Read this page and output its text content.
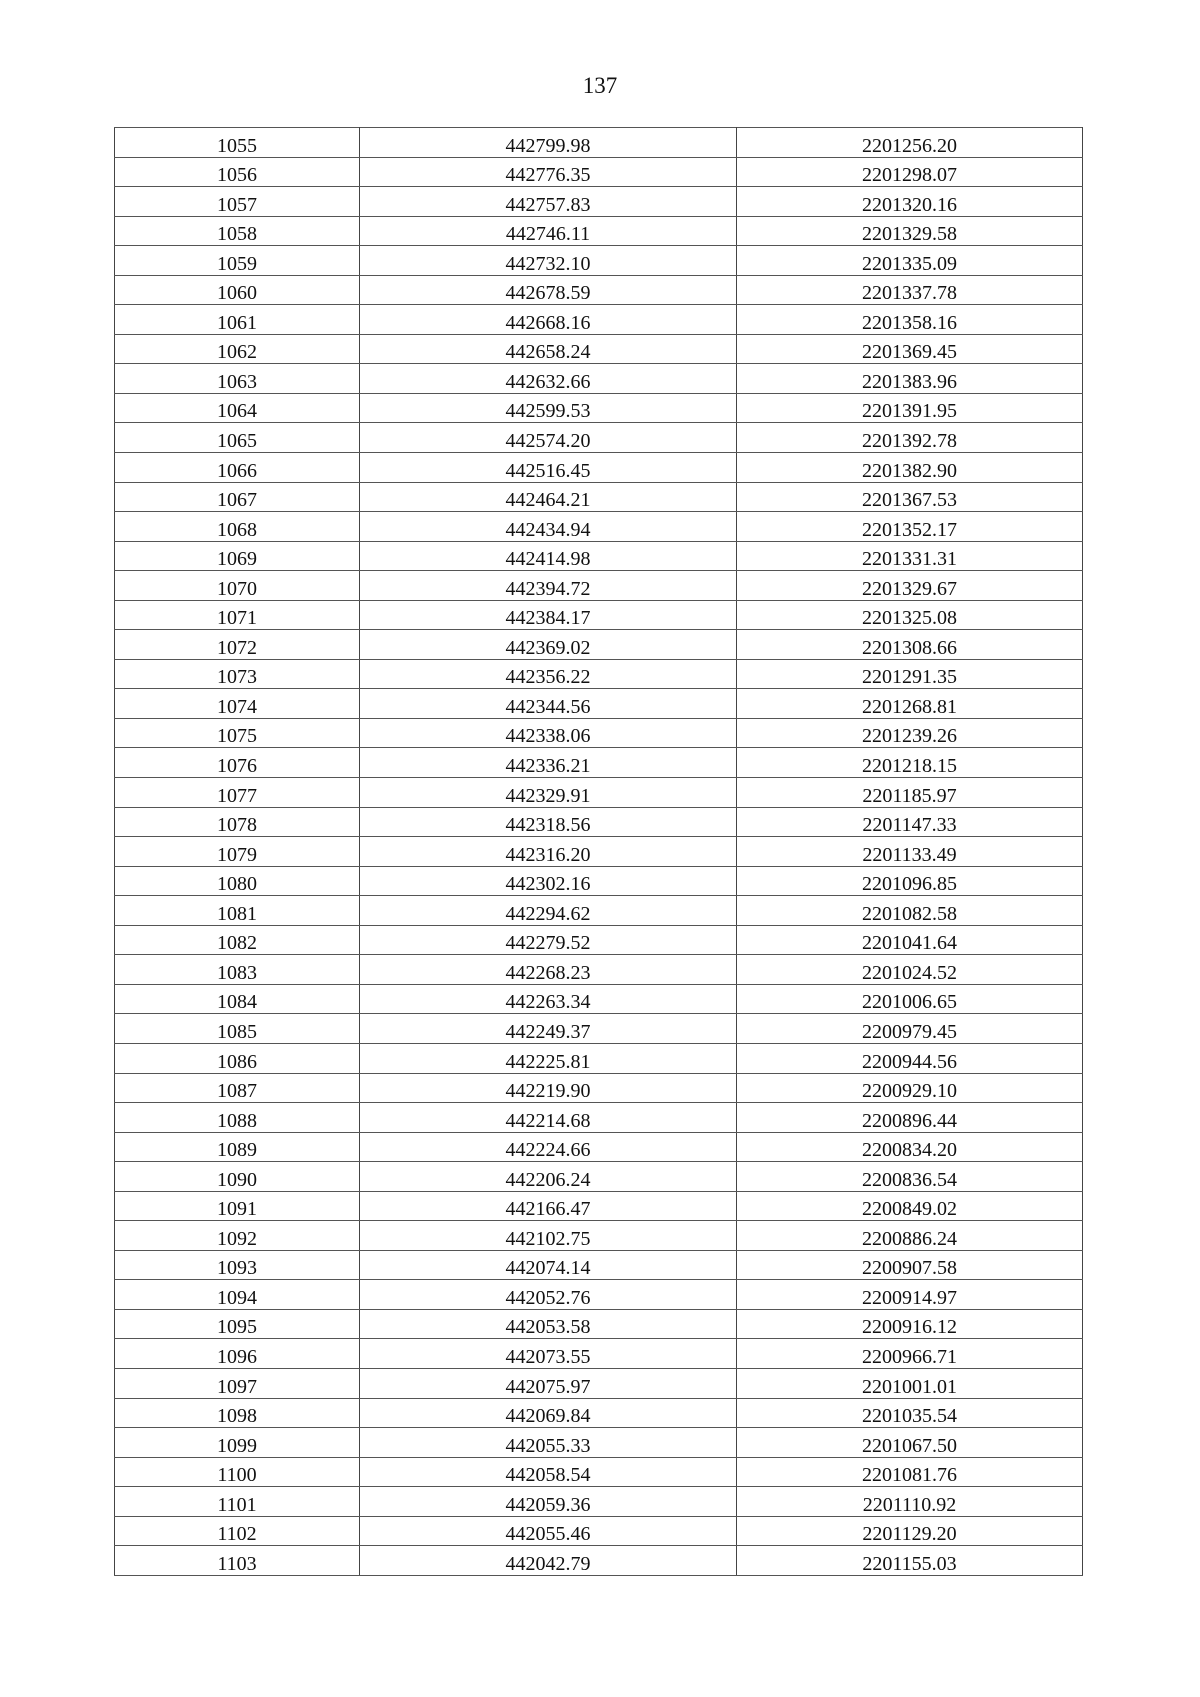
137
1055	442799.98	2201256.20
1056	442776.35	2201298.07
1057	442757.83	2201320.16
1058	442746.11	2201329.58
1059	442732.10	2201335.09
1060	442678.59	2201337.78
1061	442668.16	2201358.16
1062	442658.24	2201369.45
1063	442632.66	2201383.96
1064	442599.53	2201391.95
1065	442574.20	2201392.78
1066	442516.45	2201382.90
1067	442464.21	2201367.53
1068	442434.94	2201352.17
1069	442414.98	2201331.31
1070	442394.72	2201329.67
1071	442384.17	2201325.08
1072	442369.02	2201308.66
1073	442356.22	2201291.35
1074	442344.56	2201268.81
1075	442338.06	2201239.26
1076	442336.21	2201218.15
1077	442329.91	2201185.97
1078	442318.56	2201147.33
1079	442316.20	2201133.49
1080	442302.16	2201096.85
1081	442294.62	2201082.58
1082	442279.52	2201041.64
1083	442268.23	2201024.52
1084	442263.34	2201006.65
1085	442249.37	2200979.45
1086	442225.81	2200944.56
1087	442219.90	2200929.10
1088	442214.68	2200896.44
1089	442224.66	2200834.20
1090	442206.24	2200836.54
1091	442166.47	2200849.02
1092	442102.75	2200886.24
1093	442074.14	2200907.58
1094	442052.76	2200914.97
1095	442053.58	2200916.12
1096	442073.55	2200966.71
1097	442075.97	2201001.01
1098	442069.84	2201035.54
1099	442055.33	2201067.50
1100	442058.54	2201081.76
1101	442059.36	2201110.92
1102	442055.46	2201129.20
1103	442042.79	2201155.03
